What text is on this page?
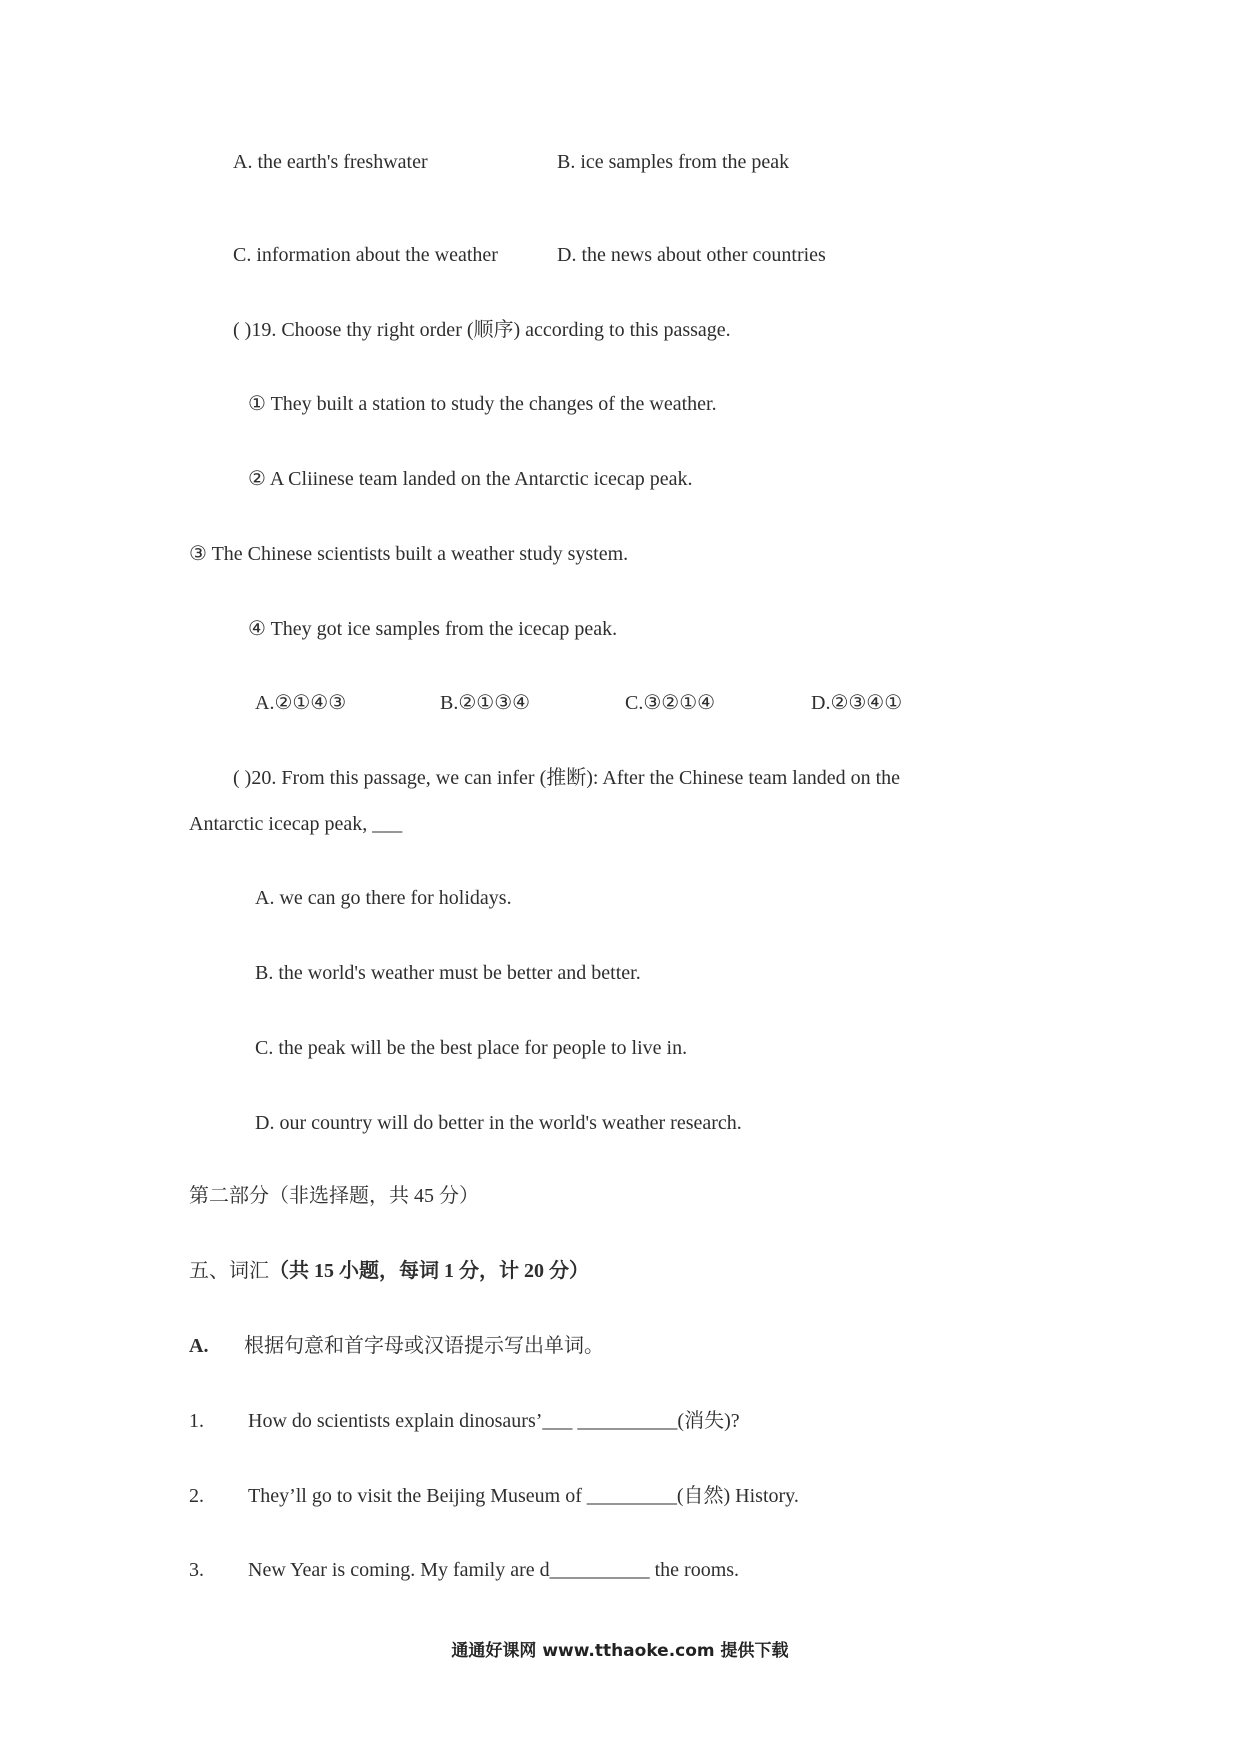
A. the earth's freshwater	B. ice samples from the peak
C. information about the weather	D. the news about other countries
( )19. Choose thy right order (顺序) according to this passage.
① They built a station to study the changes of the weather.
② A Cliinese team landed on the Antarctic icecap peak.
③ The Chinese scientists built a weather study system.
④ They got ice samples from the icecap peak.
A.②①④③	B.②①③④	C.③②①④	D.②③④①
( )20. From this passage, we can infer (推断): After the Chinese team landed on the
Antarctic icecap peak, ___
A. we can go there for holidays.
B. the world's weather must be better and better.
C. the peak will be the best place for people to live in.
D. our country will do better in the world's weather research.
第二部分（非选择题，共 45 分）
五、词汇（共 15 小题，每词 1 分，计 20 分）
A. 根据句意和首字母或汉语提示写出单词。
1. How do scientists explain dinosaurs’___ __________(消失)?
2. They’ll go to visit the Beijing Museum of _________(自然) History.
3. New Year is coming. My family are d__________ the rooms.
通通好课网 www.tthaoke.com 提供下载
